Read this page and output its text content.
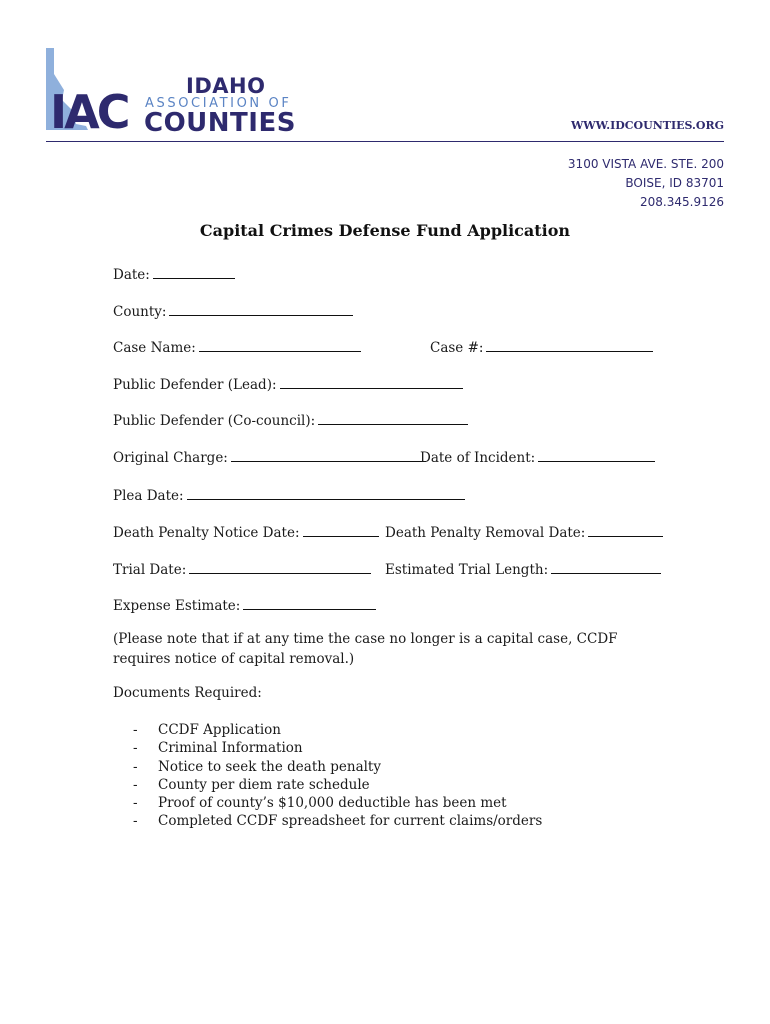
IAC	IDAHO
ASSOCIATION OF
COUNTIES	WWW.IDCOUNTIES.ORG
3100 VISTA AVE. STE. 200
BOISE, ID 83701
208.345.9126
Capital Crimes Defense Fund Application
Date:
County:
Case Name:	Case #:
Public Defender (Lead):
Public Defender (Co-council):
Original Charge:	Date of Incident:
Plea Date:
Death Penalty Notice Date:	Death Penalty Removal Date:
Trial Date:	Estimated Trial Length:
Expense Estimate:
(Please note that if at any time the case no longer is a capital case, CCDF requires notice of capital removal.)
Documents Required:
- CCDF Application
- Criminal Information
- Notice to seek the death penalty
- County per diem rate schedule
- Proof of county’s $10,000 deductible has been met
- Completed CCDF spreadsheet for current claims/orders
